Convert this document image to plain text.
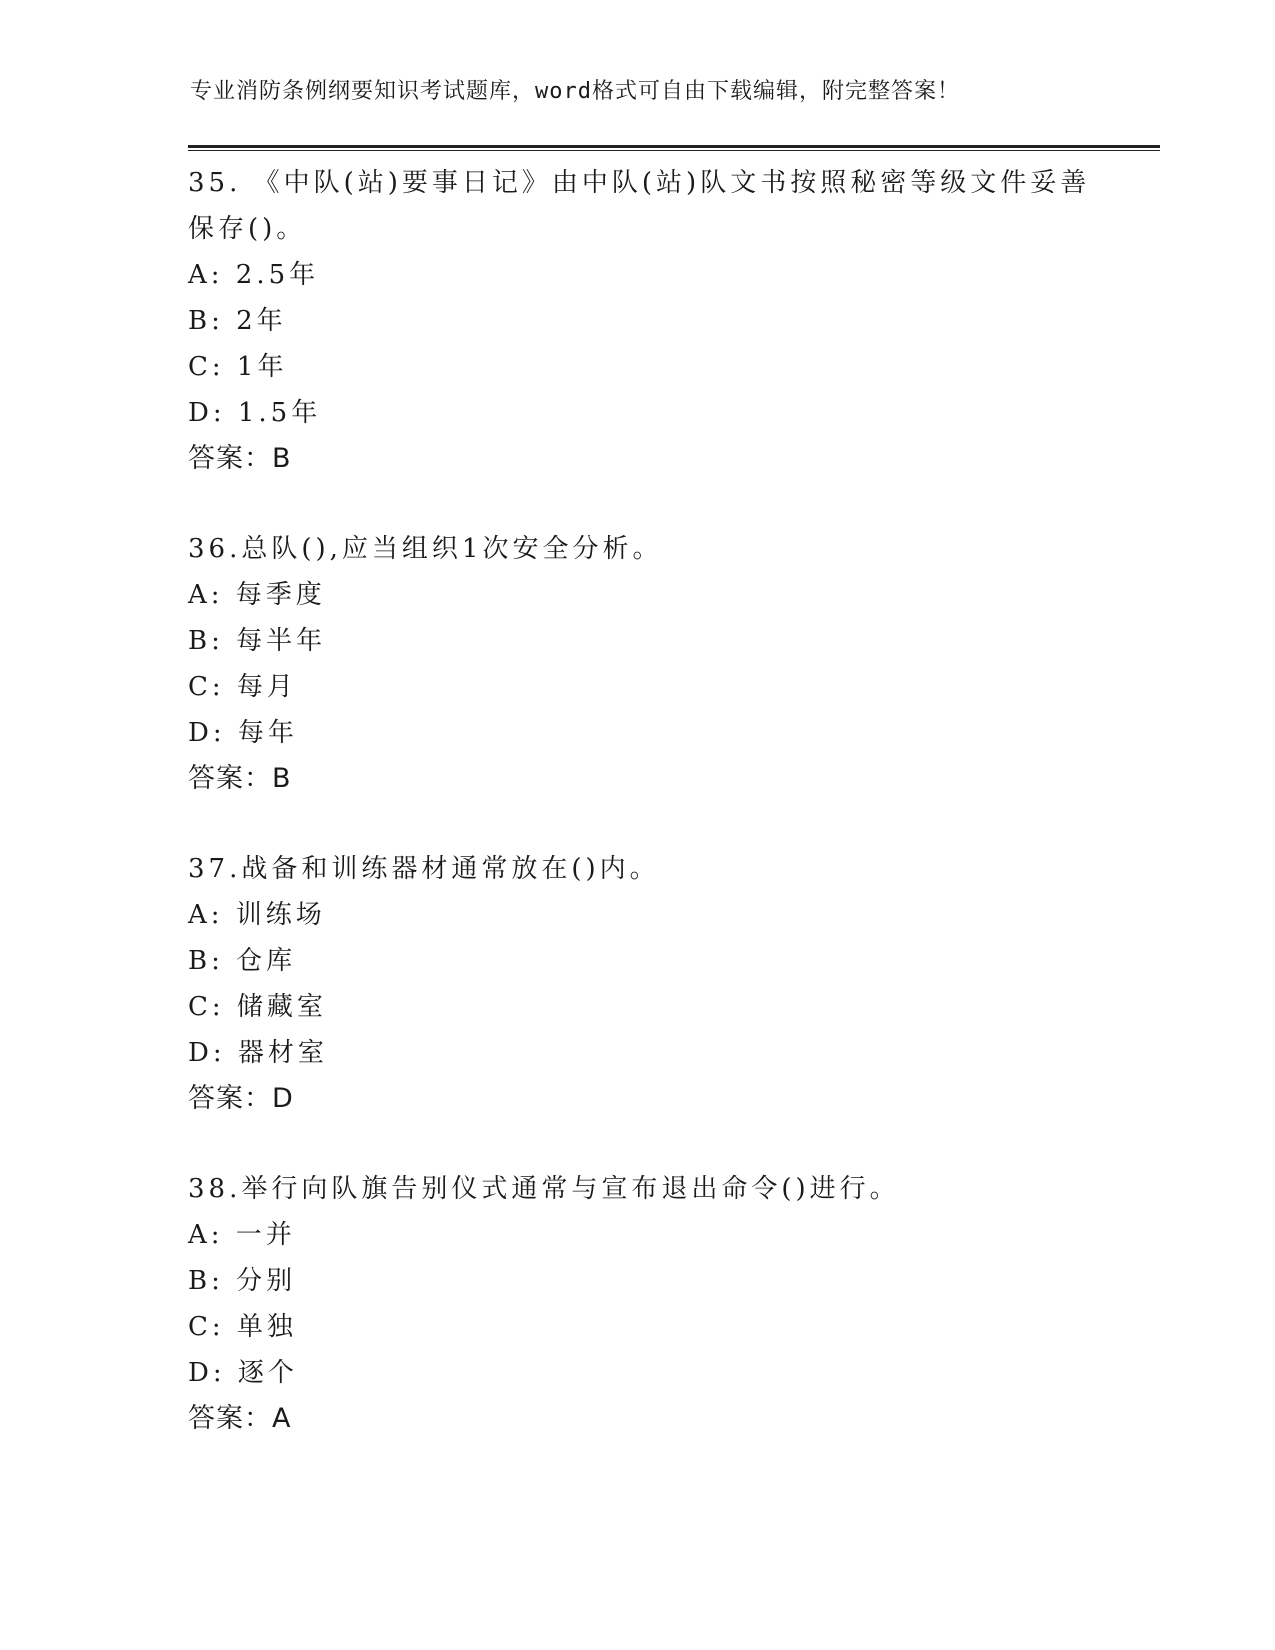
专业消防条例纲要知识考试题库，word格式可自由下载编辑，附完整答案！
35. 《中队(站)要事日记》由中队(站)队文书按照秘密等级文件妥善
保存()。
A: 2.5年
B: 2年
C: 1年
D: 1.5年
答案：B
36.总队(),应当组织1次安全分析。
A: 每季度
B: 每半年
C: 每月
D: 每年
答案：B
37.战备和训练器材通常放在()内。
A: 训练场
B: 仓库
C: 储藏室
D: 器材室
答案：D
38.举行向队旗告别仪式通常与宣布退出命令()进行。
A: 一并
B: 分别
C: 单独
D: 逐个
答案：A
